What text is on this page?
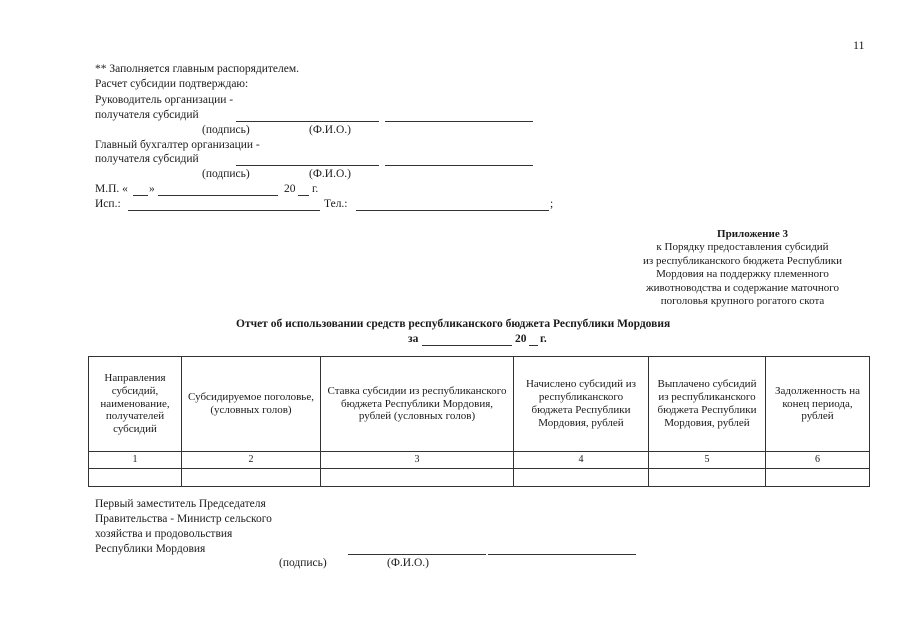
11
** Заполняется главным распорядителем.
Расчет субсидии подтверждаю:
Руководитель организации -
получателя субсидий
(подпись)	(Ф.И.О.)
Главный бухгалтер организации -
получателя субсидий
(подпись)	(Ф.И.О.)
М.П. « »	20 г.
Исп.:	Тел.:	;
Приложение 3
к Порядку предоставления субсидий
из республиканского бюджета Республики
Мордовия на поддержку племенного
животноводства и содержание маточного
поголовья крупного рогатого скота
Отчет об использовании средств республиканского бюджета Республики Мордовия
за	20 г.
Направления субсидий, наименование, получателей субсидий	Субсидируемое поголовье, (условных голов)	Ставка субсидии из республиканского бюджета Республики Мордовия, рублей (условных голов)	Начислено субсидий из республиканского бюджета Республики Мордовия, рублей	Выплачено субсидий из республиканского бюджета Республики Мордовия, рублей	Задолженность на конец периода, рублей
1	2	3	4	5	6

Первый заместитель Председателя
Правительства - Министр сельского
хозяйства и продовольствия
Республики Мордовия
(подпись)	(Ф.И.О.)
